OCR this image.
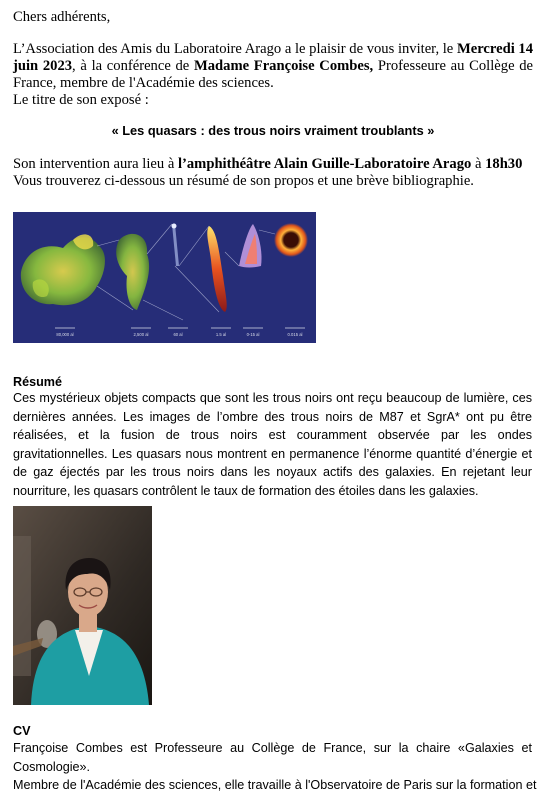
Chers adhérents,

L’Association des Amis du Laboratoire Arago a le plaisir de vous inviter, le Mercredi 14 juin 2023, à la conférence de Madame Françoise Combes, Professeure au Collège de France, membre de l'Académie des sciences.

Le titre de son exposé :

« Les quasars : des trous noirs vraiment troublants »

Son intervention aura lieu à l’amphithéâtre Alain Guille-Laboratoire Arago à 18h30

Vous trouverez ci-dessous un résumé de son propos et une brève bibliographie.

80,000 al	2,500 al	60 al	1.5 al	0-15 al	0.015 al

Résumé

Ces mystérieux objets compacts que sont les trous noirs ont reçu beaucoup de lumière, ces dernières années. Les images de l’ombre des trous noirs de M87 et SgrA* ont pu être réalisées, et la fusion de trous noirs est couramment observée par les ondes gravitationnelles. Les quasars nous montrent en permanence l’énorme quantité d’énergie et de gaz éjectés par les trous noirs dans les noyaux actifs des galaxies. En rejetant leur nourriture, les quasars contrôlent le taux de formation des étoiles dans les galaxies.

CV

Françoise Combes est Professeure au Collège de France, sur la chaire «Galaxies et Cosmologie».

Membre de l'Académie des sciences, elle travaille à l'Observatoire de Paris sur la formation et
